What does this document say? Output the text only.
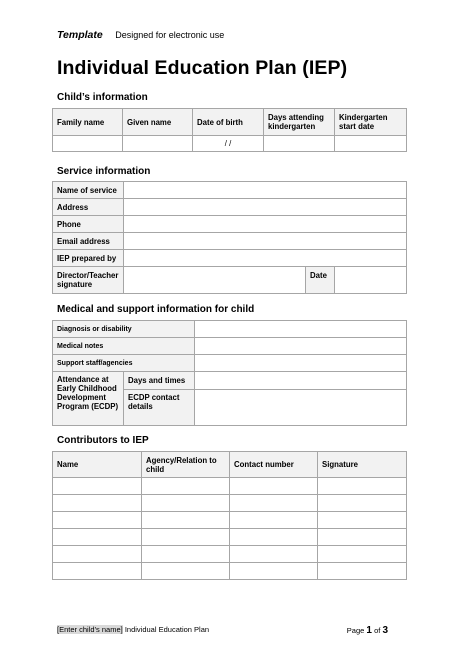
Template Designed for electronic use
Individual Education Plan (IEP)
Child’s information
Family name	Given name	Date of birth	Days attending kindergarten	Kindergarten start date
		/ /		
Service information
Name of service			
Address			
Phone			
Email address			
IEP prepared by			
Director/Teacher signature		Date	
Medical and support information for child
Diagnosis or disability		
Medical notes		
Support staff/agencies		
Attendance at Early Childhood Development Program (ECDP)	Days and times	
	ECDP contact details	
Contributors to IEP
Name	Agency/Relation to child	Contact number	Signature

[Enter child’s name] Individual Education Plan	Page 1 of 3
